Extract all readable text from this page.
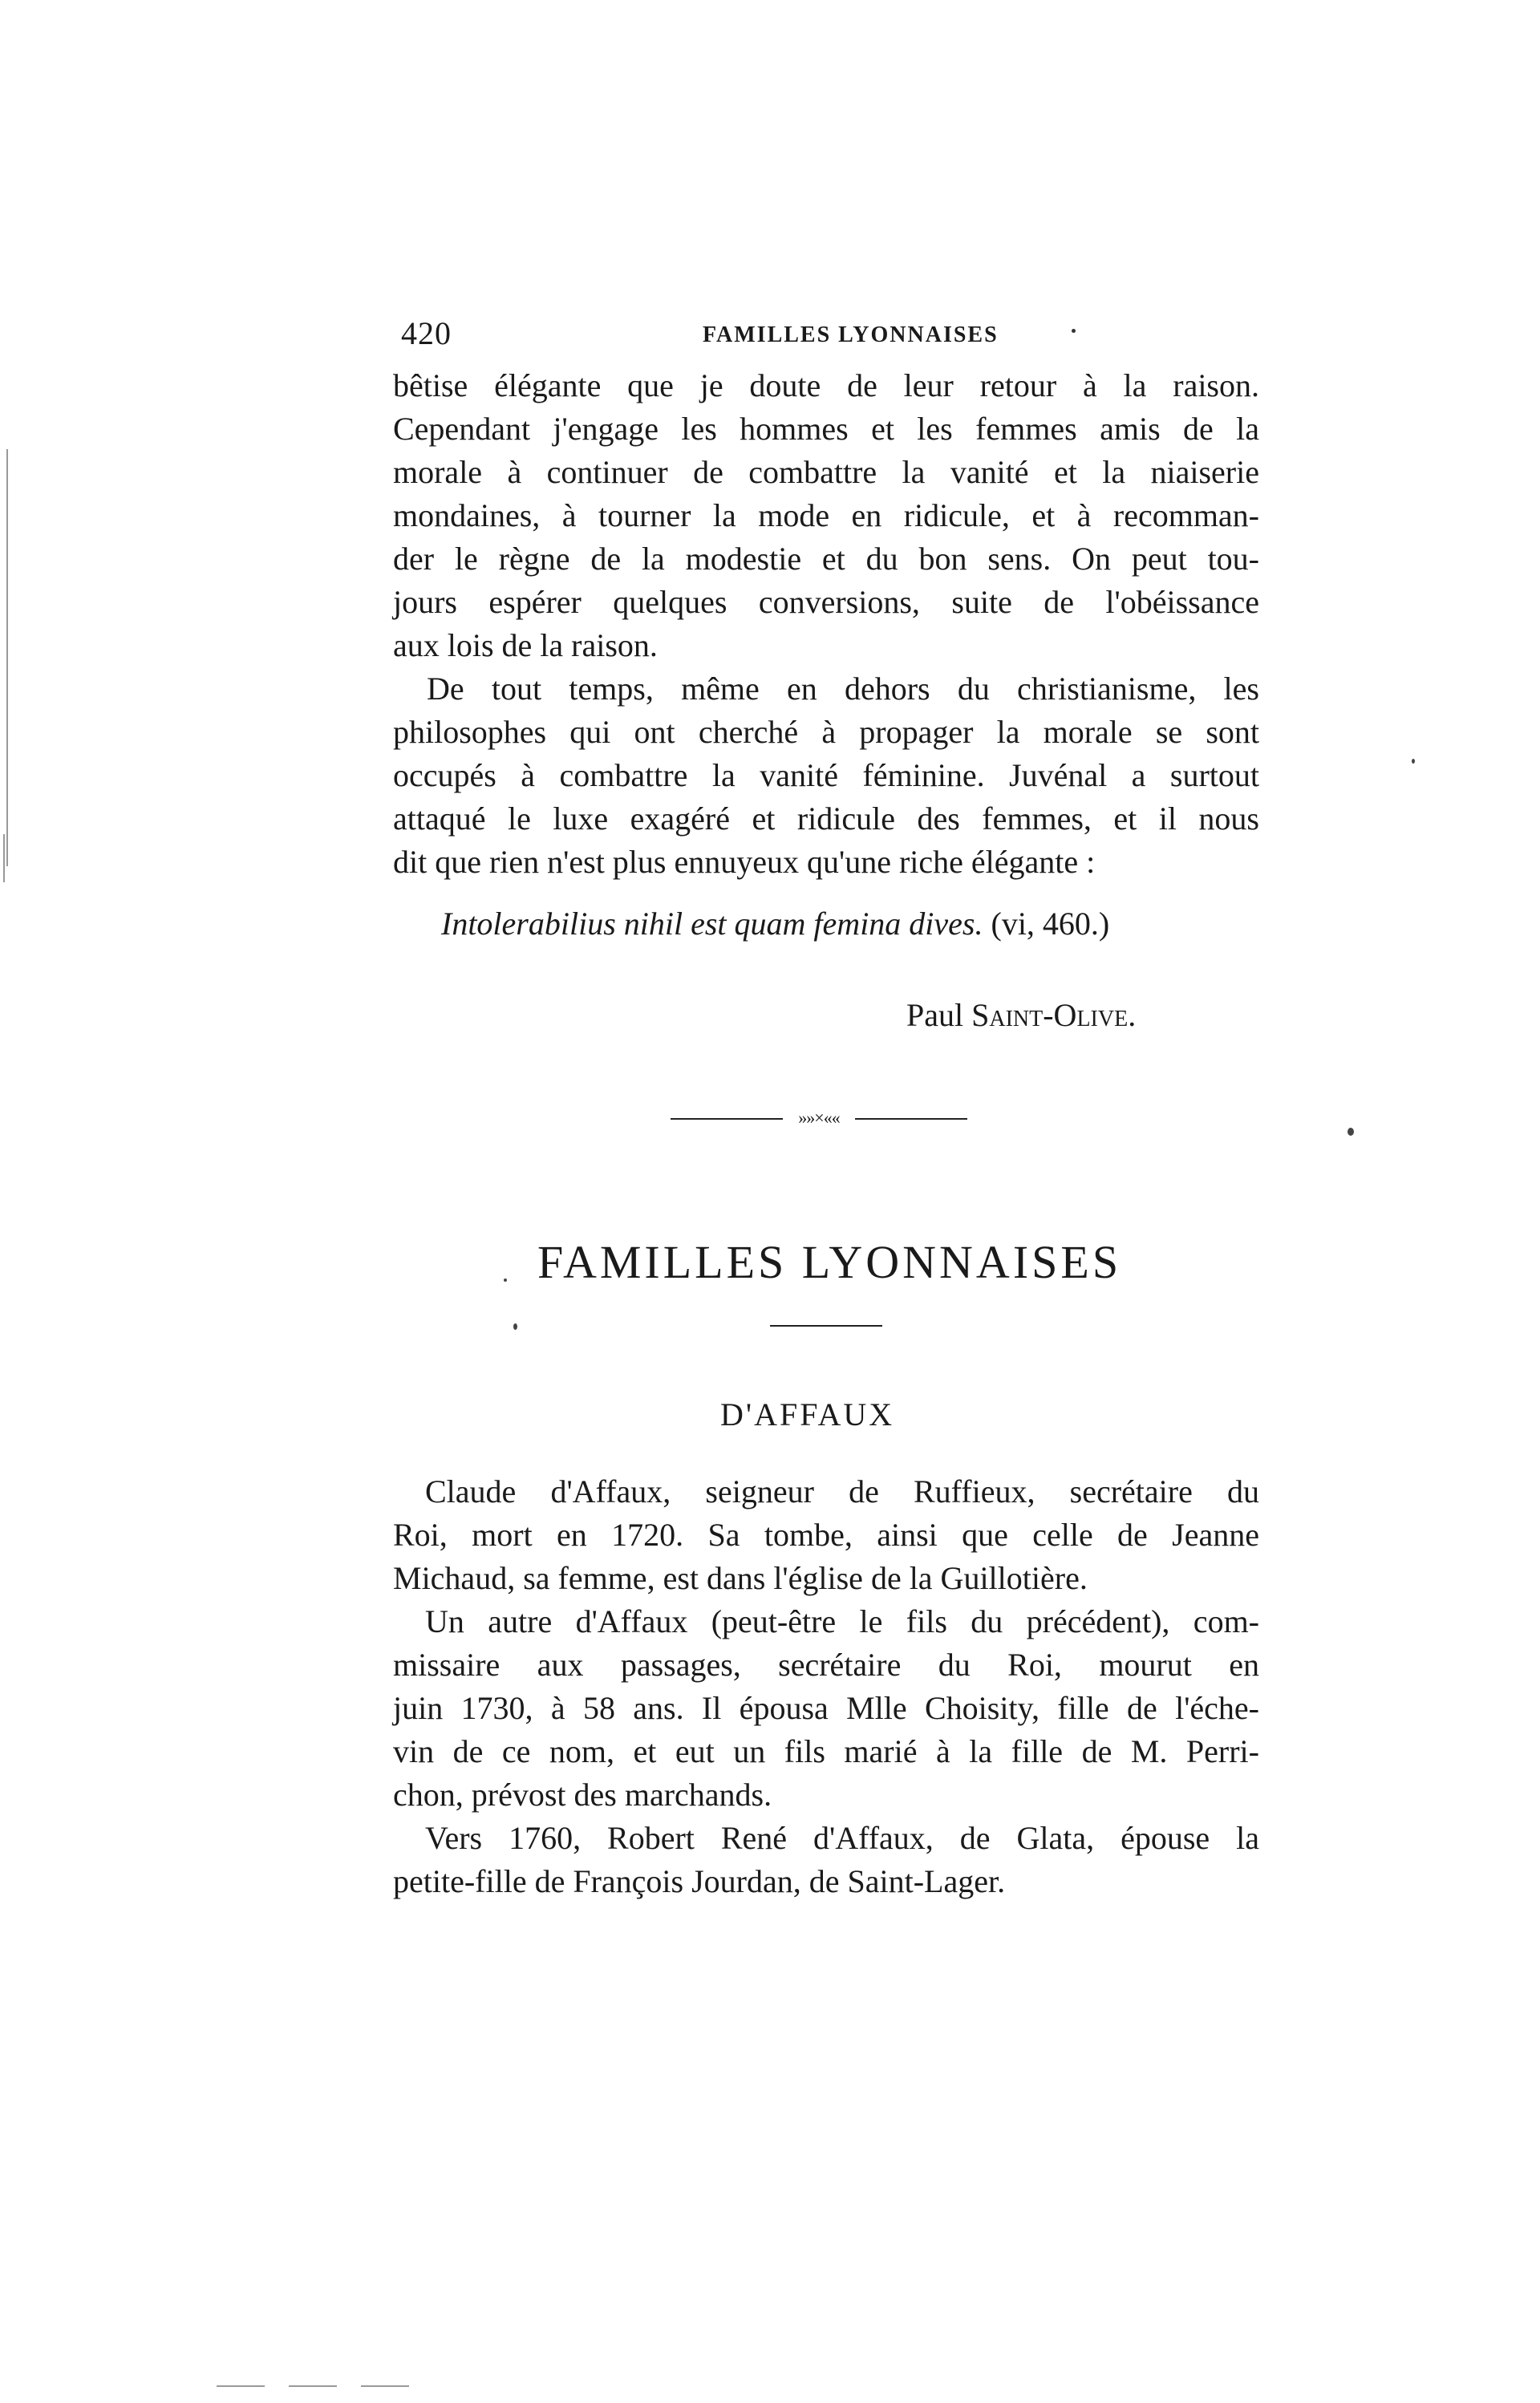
420	FAMILLES LYONNAISES
bêtise élégante que je doute de leur retour à la raison.
Cependant j'engage les hommes et les femmes amis de la
morale à continuer de combattre la vanité et la niaiserie
mondaines, à tourner la mode en ridicule, et à recomman-
der le règne de la modestie et du bon sens. On peut tou-
jours espérer quelques conversions, suite de l'obéissance
aux lois de la raison.
De tout temps, même en dehors du christianisme, les
philosophes qui ont cherché à propager la morale se sont
occupés à combattre la vanité féminine. Juvénal a surtout
attaqué le luxe exagéré et ridicule des femmes, et il nous
dit que rien n'est plus ennuyeux qu'une riche élégante :
Intolerabilius nihil est quam femina dives. (vi, 460.)
Paul Saint-Olive.
»»×««
FAMILLES LYONNAISES
D'AFFAUX
Claude d'Affaux, seigneur de Ruffieux, secrétaire du
Roi, mort en 1720. Sa tombe, ainsi que celle de Jeanne
Michaud, sa femme, est dans l'église de la Guillotière.
Un autre d'Affaux (peut-être le fils du précédent), com-
missaire aux passages, secrétaire du Roi, mourut en
juin 1730, à 58 ans. Il épousa Mlle Choisity, fille de l'éche-
vin de ce nom, et eut un fils marié à la fille de M. Perri-
chon, prévost des marchands.
Vers 1760, Robert René d'Affaux, de Glata, épouse la
petite-fille de François Jourdan, de Saint-Lager.
